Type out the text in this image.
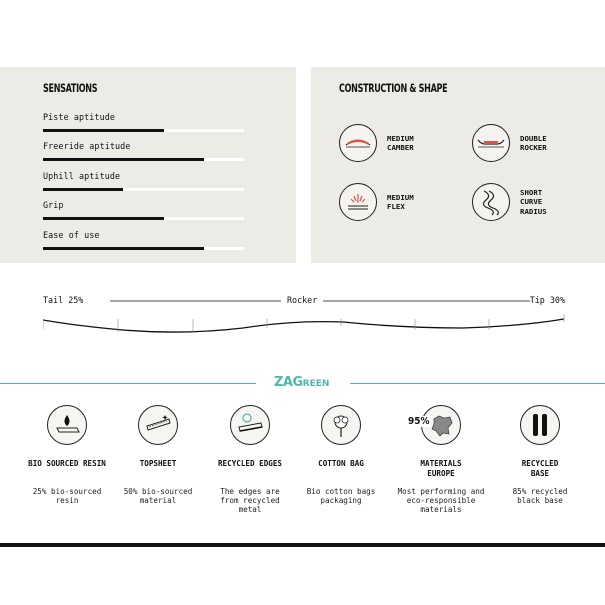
SENSATIONS
Piste aptitude
Freeride aptitude
Uphill aptitude
Grip
Ease of use
CONSTRUCTION & SHAPE
MEDIUM
CAMBER
DOUBLE
ROCKER
MEDIUM
FLEX
SHORT
CURVE
RADIUS
Tail 25%	Rocker	Tip 30%
ZAGREEN
BIO SOURCED RESIN
25% bio-sourced
resin
TOPSHEET
50% bio-sourced
material
RECYCLED EDGES
The edges are
from recycled
metal
COTTON BAG
Bio cotton bags
packaging
95%
MATERIALS
EUROPE
Most performing and
eco-responsible
materials
RECYCLED
BASE
85% recycled
black base
